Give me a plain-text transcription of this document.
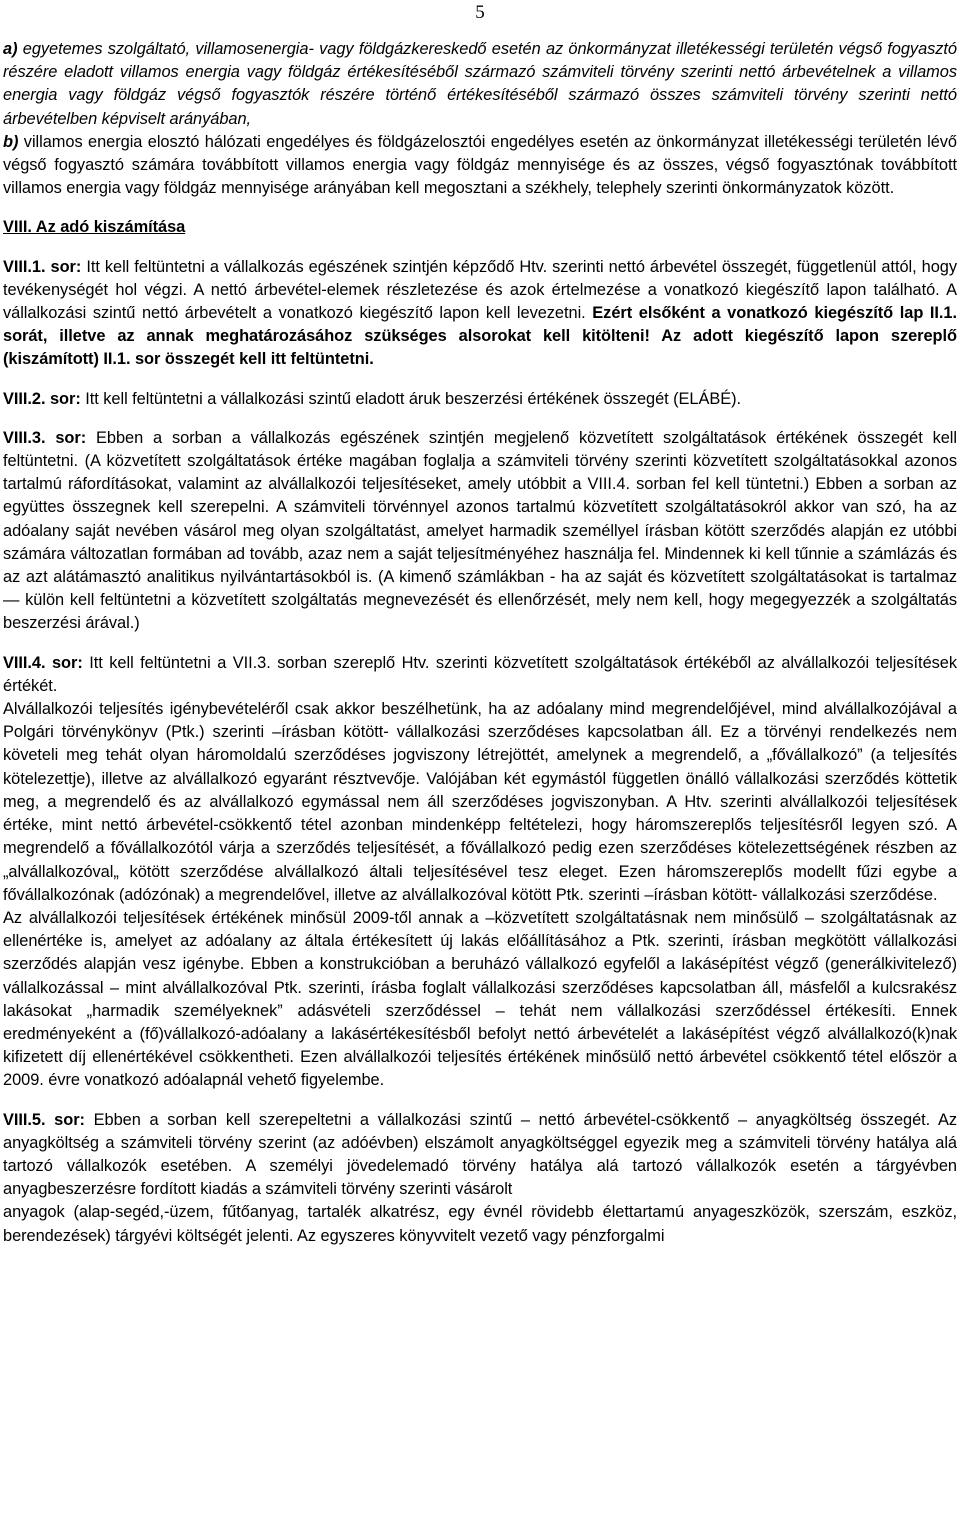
5

a) egyetemes szolgáltató, villamosenergia- vagy földgázkereskedő esetén az önkormányzat illetékességi területén végső fogyasztó részére eladott villamos energia vagy földgáz értékesítéséből származó számviteli törvény szerinti nettó árbevételnek a villamos energia vagy földgáz végső fogyasztók részére történő értékesítéséből származó összes számviteli törvény szerinti nettó árbevételben képviselt arányában,

b) villamos energia elosztó hálózati engedélyes és földgázelosztói engedélyes esetén az önkormányzat illetékességi területén lévő végső fogyasztó számára továbbított villamos energia vagy földgáz mennyisége és az összes, végső fogyasztónak továbbított villamos energia vagy földgáz mennyisége arányában kell megosztani a székhely, telephely szerinti önkormányzatok között.

VIII. Az adó kiszámítása

VIII.1. sor: Itt kell feltüntetni a vállalkozás egészének szintjén képződő Htv. szerinti nettó árbevétel összegét, függetlenül attól, hogy tevékenységét hol végzi. A nettó árbevétel-elemek részletezése és azok értelmezése a vonatkozó kiegészítő lapon található. A vállalkozási szintű nettó árbevételt a vonatkozó kiegészítő lapon kell levezetni. Ezért elsőként a vonatkozó kiegészítő lap II.1. sorát, illetve az annak meghatározásához szükséges alsorokat kell kitölteni! Az adott kiegészítő lapon szereplő (kiszámított) II.1. sor összegét kell itt feltüntetni.

VIII.2. sor: Itt kell feltüntetni a vállalkozási szintű eladott áruk beszerzési értékének összegét (ELÁBÉ).

VIII.3. sor: Ebben a sorban a vállalkozás egészének szintjén megjelenő közvetített szolgáltatások értékének összegét kell feltüntetni. (A közvetített szolgáltatások értéke magában foglalja a számviteli törvény szerinti közvetített szolgáltatásokkal azonos tartalmú ráfordításokat, valamint az alvállalkozói teljesítéseket, amely utóbbit a VIII.4. sorban fel kell tüntetni.) Ebben a sorban az együttes összegnek kell szerepelni. A számviteli törvénnyel azonos tartalmú közvetített szolgáltatásokról akkor van szó, ha az adóalany saját nevében vásárol meg olyan szolgáltatást, amelyet harmadik személlyel írásban kötött szerződés alapján ez utóbbi számára változatlan formában ad tovább, azaz nem a saját teljesítményéhez használja fel. Mindennek ki kell tűnnie a számlázás és az azt alátámasztó analitikus nyilvántartásokból is. (A kimenő számlákban - ha az saját és közvetített szolgáltatásokat is tartalmaz — külön kell feltüntetni a közvetített szolgáltatás megnevezését és ellenőrzését, mely nem kell, hogy megegyezzék a szolgáltatás beszerzési árával.)

VIII.4. sor: Itt kell feltüntetni a VII.3. sorban szereplő Htv. szerinti közvetített szolgáltatások értékéből az alvállalkozói teljesítések értékét.

Alvállalkozói teljesítés igénybevételéről csak akkor beszélhetünk, ha az adóalany mind megrendelőjével, mind alvállalkozójával a Polgári törvénykönyv (Ptk.) szerinti –írásban kötött- vállalkozási szerződéses kapcsolatban áll. Ez a törvényi rendelkezés nem követeli meg tehát olyan háromoldalú szerződéses jogviszony létrejöttét, amelynek a megrendelő, a „fővállalkozó” (a teljesítés kötelezettje), illetve az alvállalkozó egyaránt résztvevője. Valójában két egymástól független önálló vállalkozási szerződés köttetik meg, a megrendelő és az alvállalkozó egymással nem áll szerződéses jogviszonyban. A Htv. szerinti alvállalkozói teljesítések értéke, mint nettó árbevétel-csökkentő tétel azonban mindenképp feltételezi, hogy háromszereplős teljesítésről legyen szó. A megrendelő a fővállalkozótól várja a szerződés teljesítését, a fővállalkozó pedig ezen szerződéses kötelezettségének részben az „alvállalkozóval„ kötött szerződése alvállalkozó általi teljesítésével tesz eleget. Ezen háromszereplős modellt fűzi egybe a fővállalkozónak (adózónak) a megrendelővel, illetve az alvállalkozóval kötött Ptk. szerinti –írásban kötött- vállalkozási szerződése.

Az alvállalkozói teljesítések értékének minősül 2009-től annak a –közvetített szolgáltatásnak nem minősülő – szolgáltatásnak az ellenértéke is, amelyet az adóalany az általa értékesített új lakás előállításához a Ptk. szerinti, írásban megkötött vállalkozási szerződés alapján vesz igénybe. Ebben a konstrukcióban a beruházó vállalkozó egyfelől a lakásépítést végző (generálkivitelező) vállalkozással – mint alvállalkozóval Ptk. szerinti, írásba foglalt vállalkozási szerződéses kapcsolatban áll, másfelől a kulcsrakész lakásokat „harmadik személyeknek” adásvételi szerződéssel – tehát nem vállalkozási szerződéssel értékesíti. Ennek eredményeként a (fő)vállalkozó-adóalany a lakásértékesítésből befolyt nettó árbevételét a lakásépítést végző alvállalkozó(k)nak kifizetett díj ellenértékével csökkentheti. Ezen alvállalkozói teljesítés értékének minősülő nettó árbevétel csökkentő tétel először a 2009. évre vonatkozó adóalapnál vehető figyelembe.

VIII.5. sor: Ebben a sorban kell szerepeltetni a vállalkozási szintű – nettó árbevétel-csökkentő – anyagköltség összegét. Az anyagköltség a számviteli törvény szerint (az adóévben) elszámolt anyagköltséggel egyezik meg a számviteli törvény hatálya alá tartozó vállalkozók esetében. A személyi jövedelemadó törvény hatálya alá tartozó vállalkozók esetén a tárgyévben anyagbeszerzésre fordított kiadás a számviteli törvény szerinti vásárolt

anyagok (alap-segéd,-üzem, fűtőanyag, tartalék alkatrész, egy évnél rövidebb élettartamú anyageszközök, szerszám, eszköz, berendezések) tárgyévi költségét jelenti. Az egyszeres könyvvitelt vezető vagy pénzforgalmi
